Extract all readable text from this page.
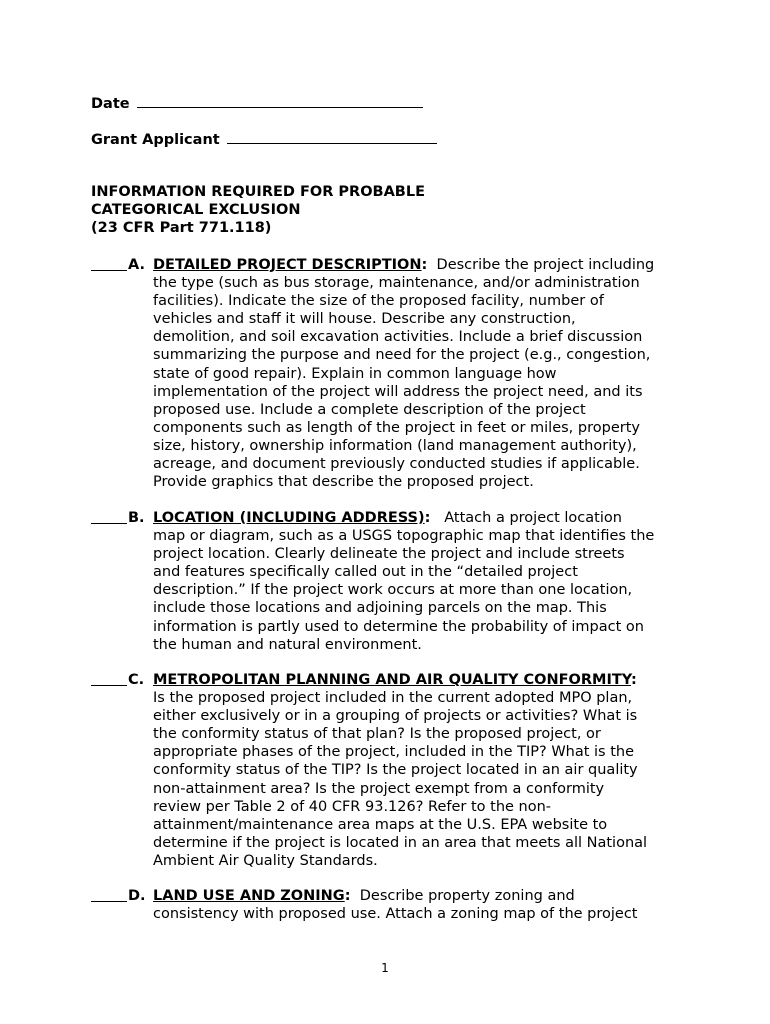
Date
Grant Applicant
INFORMATION REQUIRED FOR PROBABLE
CATEGORICAL EXCLUSION
(23 CFR Part 771.118)
A. DETAILED PROJECT DESCRIPTION:  Describe the project including
the type (such as bus storage, maintenance, and/or administration
facilities). Indicate the size of the proposed facility, number of
vehicles and staff it will house. Describe any construction,
demolition, and soil excavation activities. Include a brief discussion
summarizing the purpose and need for the project (e.g., congestion,
state of good repair). Explain in common language how
implementation of the project will address the project need, and its
proposed use. Include a complete description of the project
components such as length of the project in feet or miles, property
size, history, ownership information (land management authority),
acreage, and document previously conducted studies if applicable.
Provide graphics that describe the proposed project.
B. LOCATION (INCLUDING ADDRESS):   Attach a project location
map or diagram, such as a USGS topographic map that identifies the
project location. Clearly delineate the project and include streets
and features specifically called out in the “detailed project
description.” If the project work occurs at more than one location,
include those locations and adjoining parcels on the map. This
information is partly used to determine the probability of impact on
the human and natural environment.
C. METROPOLITAN PLANNING AND AIR QUALITY CONFORMITY:
Is the proposed project included in the current adopted MPO plan,
either exclusively or in a grouping of projects or activities? What is
the conformity status of that plan? Is the proposed project, or
appropriate phases of the project, included in the TIP? What is the
conformity status of the TIP? Is the project located in an air quality
non-attainment area? Is the project exempt from a conformity
review per Table 2 of 40 CFR 93.126? Refer to the non-
attainment/maintenance area maps at the U.S. EPA website to
determine if the project is located in an area that meets all National
Ambient Air Quality Standards.
D. LAND USE AND ZONING:  Describe property zoning and
consistency with proposed use. Attach a zoning map of the project
1
